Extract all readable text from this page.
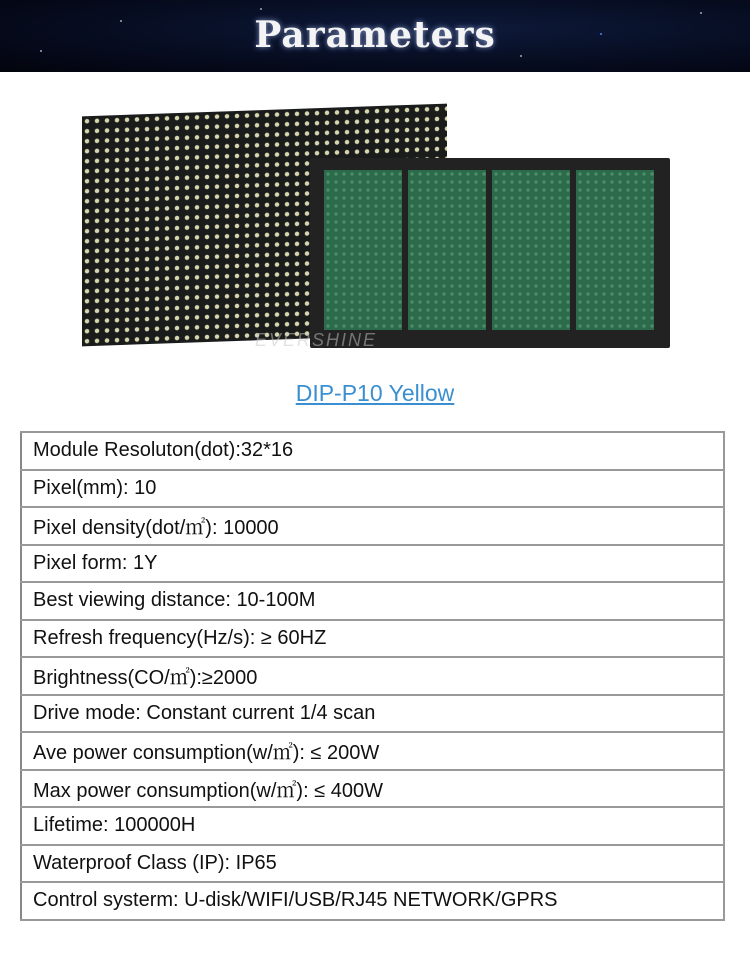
Parameters
EVERSHINE
DIP-P10 Yellow
Module Resoluton(dot):32*16
Pixel(mm): 10
Pixel density(dot/㎡): 10000
Pixel form: 1Y
Best viewing distance: 10-100M
Refresh frequency(Hz/s): ≥ 60HZ
Brightness(CO/㎡):≥2000
Drive mode: Constant current 1/4 scan
Ave power consumption(w/㎡): ≤ 200W
Max power consumption(w/㎡): ≤ 400W
Lifetime: 100000H
Waterproof Class (IP): IP65
Control systerm: U-disk/WIFI/USB/RJ45 NETWORK/GPRS
